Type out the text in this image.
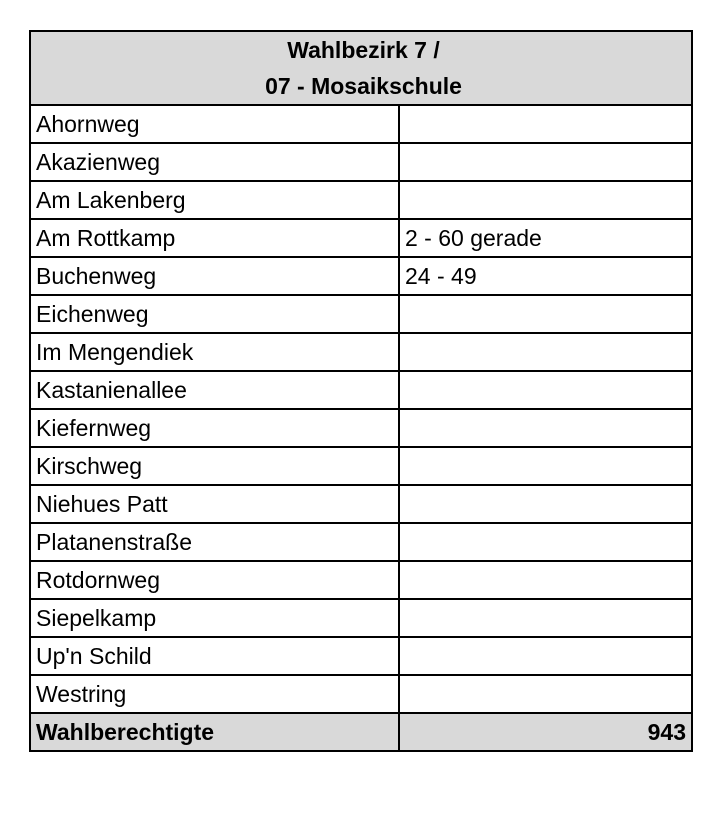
Wahlbezirk 7 /
07 - Mosaikschule	

Ahornweg	
Akazienweg	
Am Lakenberg	
Am Rottkamp	2 - 60 gerade
Buchenweg	24 - 49
Eichenweg	
Im Mengendiek	
Kastanienallee	
Kiefernweg	
Kirschweg	
Niehues Patt	
Platanenstraße	
Rotdornweg	
Siepelkamp	
Up'n Schild	
Westring	
Wahlberechtigte	943
